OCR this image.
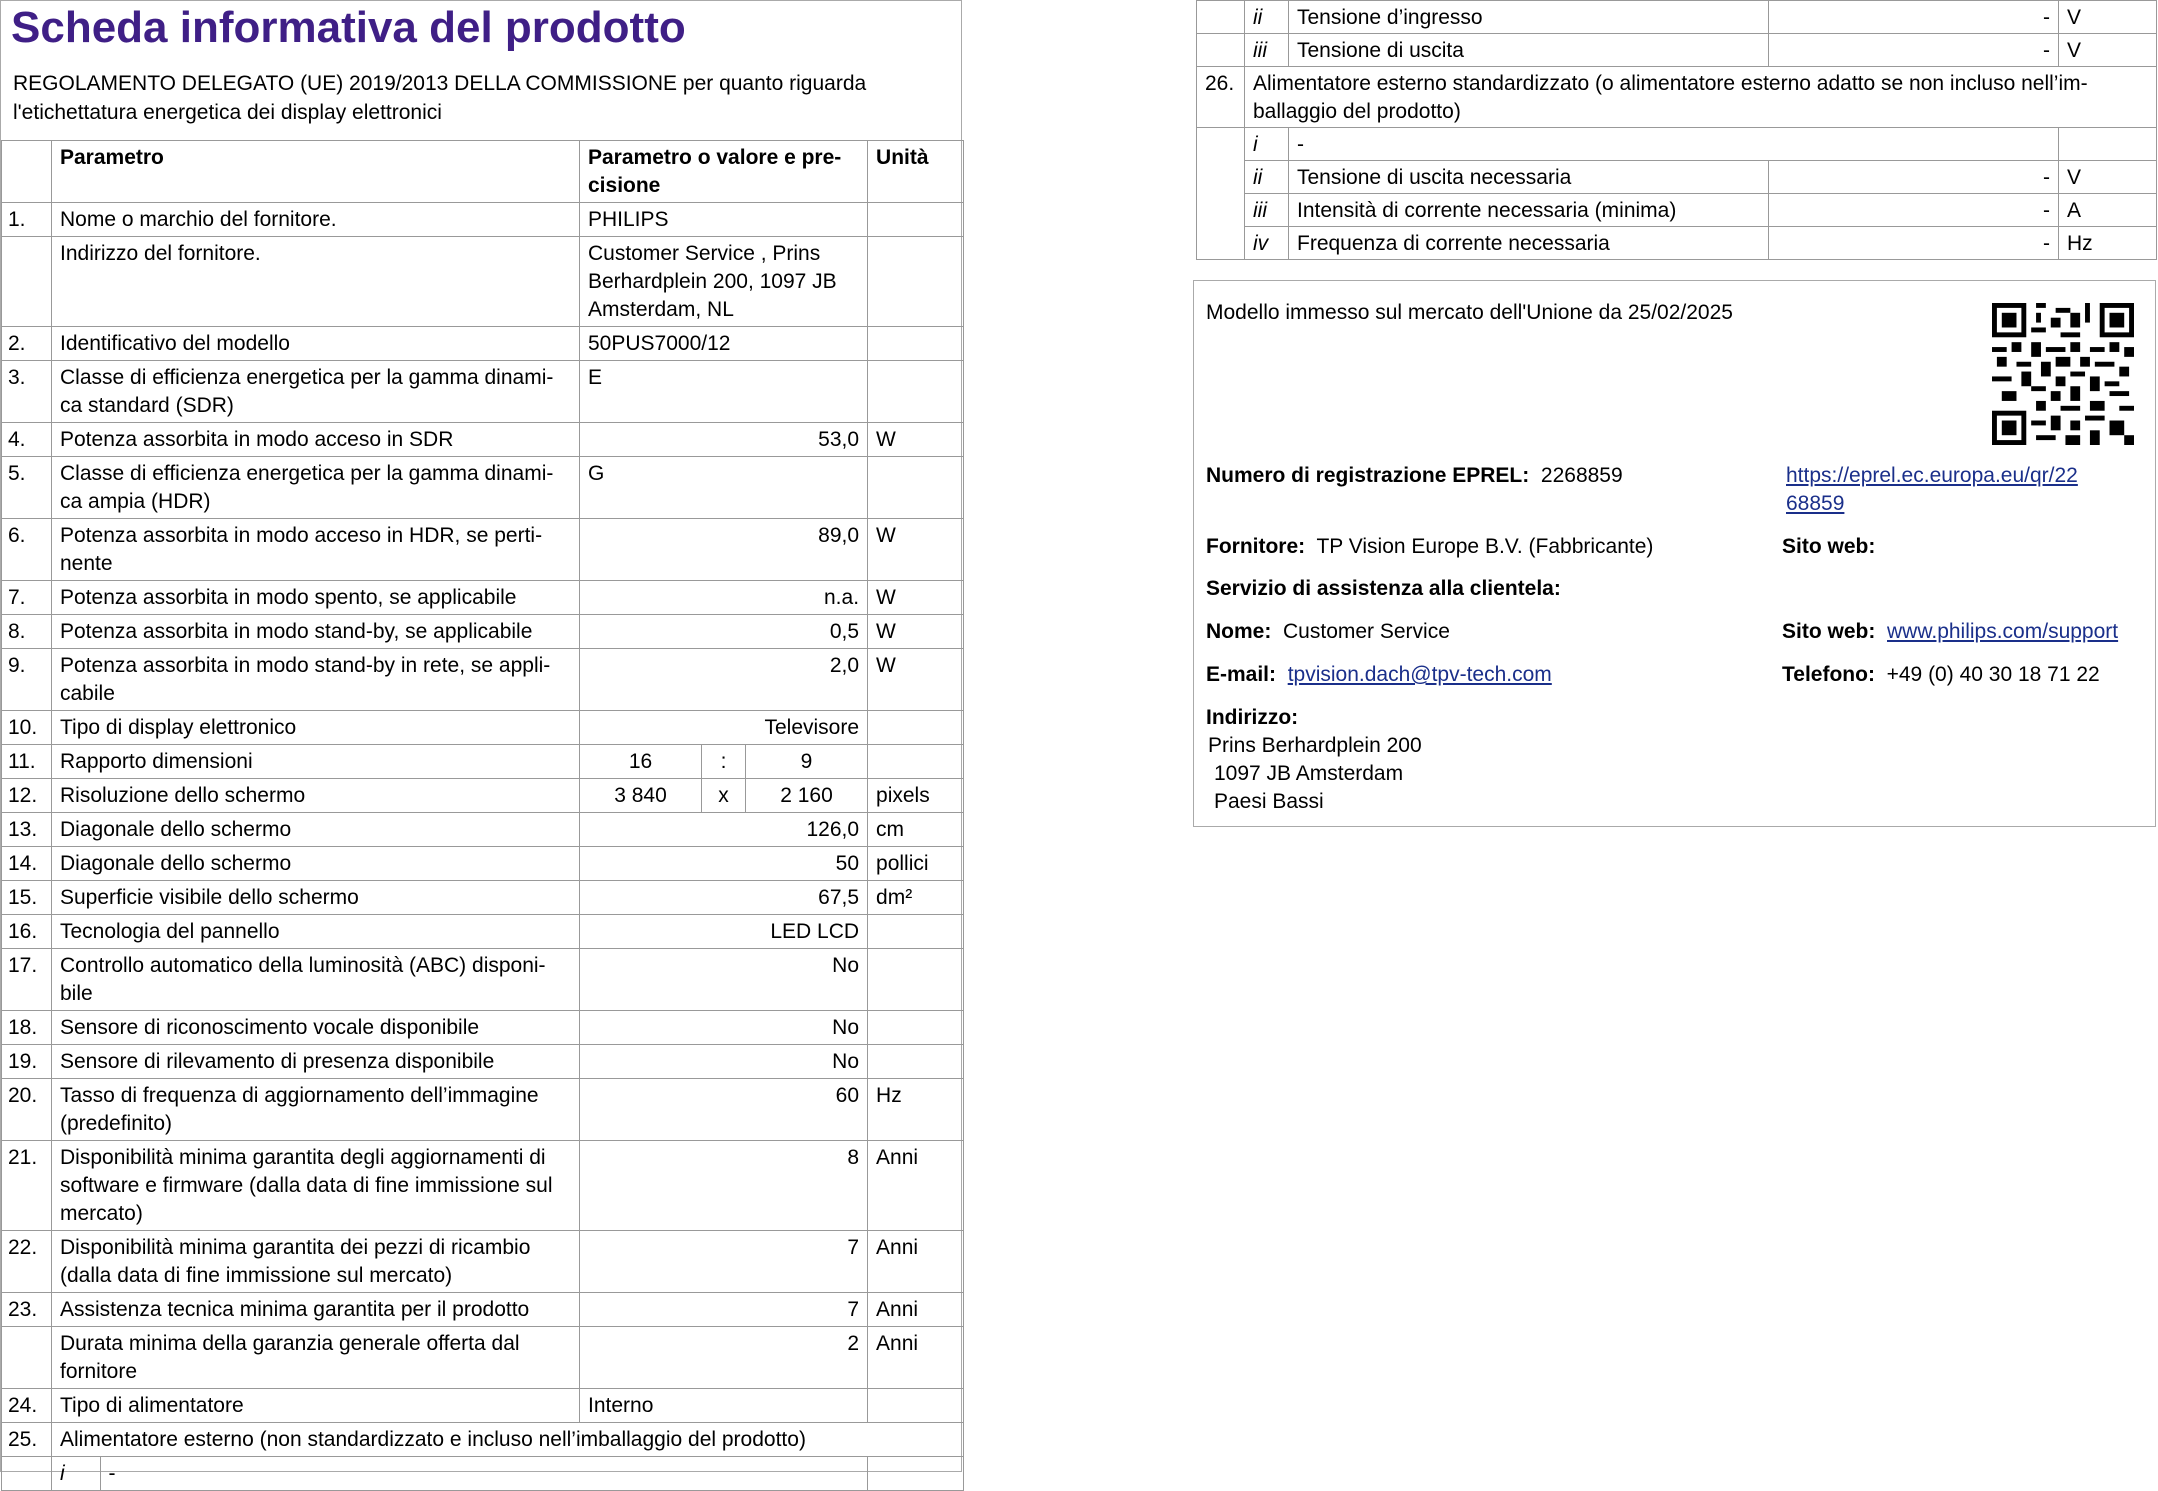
Scheda informativa del prodotto
REGOLAMENTO DELEGATO (UE) 2019/2013 DELLA COMMISSIONE per quanto riguarda l'etichettatura energetica dei display elettronici
	Parametro	Parametro o valore e pre-cisione	Unità
1.	Nome o marchio del fornitore.	PHILIPS	
	Indirizzo del fornitore.	Customer Service , Prins Berhardplein 200, 1097 JB Amsterdam, NL	
2.	Identificativo del modello	50PUS7000/12	
3.	Classe di efficienza energetica per la gamma dinami-ca standard (SDR)	E	
4.	Potenza assorbita in modo acceso in SDR	53,0	W
5.	Classe di efficienza energetica per la gamma dinami-ca ampia (HDR)	G	
6.	Potenza assorbita in modo acceso in HDR, se perti-nente	89,0	W
7.	Potenza assorbita in modo spento, se applicabile	n.a.	W
8.	Potenza assorbita in modo stand-by, se applicabile	0,5	W
9.	Potenza assorbita in modo stand-by in rete, se appli-cabile	2,0	W
10.	Tipo di display elettronico	Televisore	
11.	Rapporto dimensioni	16	:	9	
12.	Risoluzione dello schermo	3 840	x	2 160	pixels
13.	Diagonale dello schermo	126,0	cm
14.	Diagonale dello schermo	50	pollici
15.	Superficie visibile dello schermo	67,5	dm²
16.	Tecnologia del pannello	LED LCD	
17.	Controllo automatico della luminosità (ABC) disponi-bile	No	
18.	Sensore di riconoscimento vocale disponibile	No	
19.	Sensore di rilevamento di presenza disponibile	No	
20.	Tasso di frequenza di aggiornamento dell’immagine (predefinito)	60	Hz
21.	Disponibilità minima garantita degli aggiornamenti di software e firmware (dalla data di fine immissione sul mercato)	8	Anni
22.	Disponibilità minima garantita dei pezzi di ricambio (dalla data di fine immissione sul mercato)	7	Anni
23.	Assistenza tecnica minima garantita per il prodotto	7	Anni
	Durata minima della garanzia generale offerta dal fornitore	2	Anni
24.	Tipo di alimentatore	Interno	
25.	Alimentatore esterno (non standardizzato e incluso nell’imballaggio del prodotto)

i	-

	ii	Tensione d’ingresso	-	V
	iii	Tensione di uscita	-	V
26.	Alimentatore esterno standardizzato (o alimentatore esterno adatto se non incluso nell’im-ballaggio del prodotto)			
	i	-		
	ii	Tensione di uscita necessaria	-	V
	iii	Intensità di corrente necessaria (minima)	-	A
	iv	Frequenza di corrente necessaria	-	Hz
Modello immesso sul mercato dell'Unione da 25/02/2025
Numero di registrazione EPREL: 2268859	https://eprel.ec.europa.eu/qr/22
68859
Fornitore: TP Vision Europe B.V. (Fabbricante)	Sito web:
Servizio di assistenza alla clientela:
Nome: Customer Service	Sito web: www.philips.com/support
E-mail: tpvision.dach@tpv-tech.com	Telefono: +49 (0) 40 30 18 71 22
Indirizzo:
Prins Berhardplein 200
1097 JB Amsterdam
Paesi Bassi
